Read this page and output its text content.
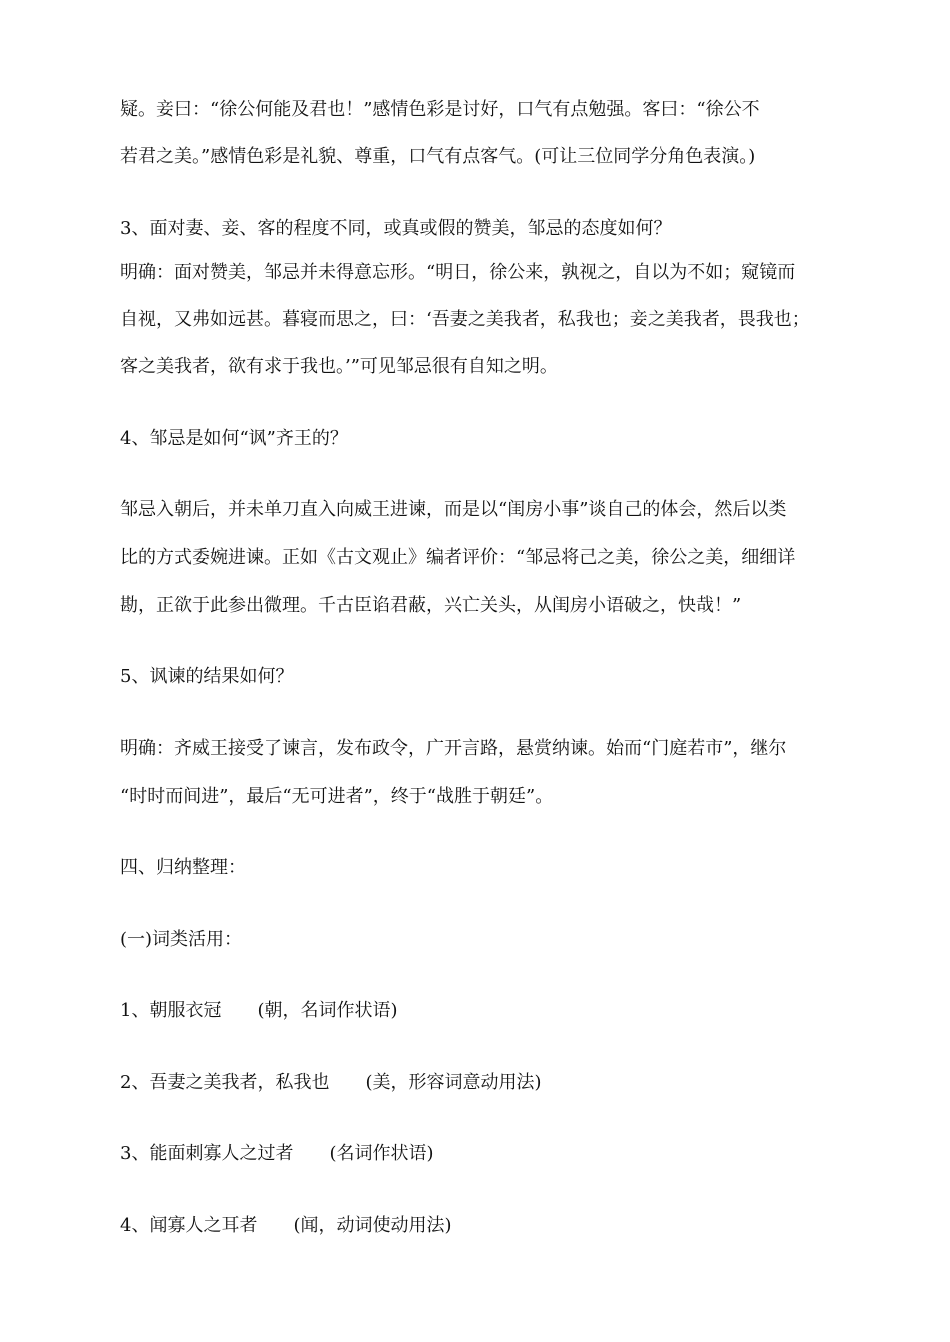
疑。妾曰：“徐公何能及君也！”感情色彩是讨好，口气有点勉强。客曰：“徐公不
若君之美。”感情色彩是礼貌、尊重，口气有点客气。(可让三位同学分角色表演。)
3、面对妻、妾、客的程度不同，或真或假的赞美，邹忌的态度如何？
明确：面对赞美，邹忌并未得意忘形。“明日，徐公来，孰视之，自以为不如；窥镜而
自视，又弗如远甚。暮寝而思之，曰：‘吾妻之美我者，私我也；妾之美我者，畏我也；
客之美我者，欲有求于我也。’”可见邹忌很有自知之明。
4、邹忌是如何“讽”齐王的？
邹忌入朝后，并未单刀直入向威王进谏，而是以“闺房小事”谈自己的体会，然后以类
比的方式委婉进谏。正如《古文观止》编者评价：“邹忌将己之美，徐公之美，细细详
勘，正欲于此参出微理。千古臣谄君蔽，兴亡关头，从闺房小语破之，快哉！”
5、讽谏的结果如何？
明确：齐威王接受了谏言，发布政令，广开言路，悬赏纳谏。始而“门庭若市”，继尔
“时时而间进”，最后“无可进者”，终于“战胜于朝廷”。
四、归纳整理：
(一)词类活用：
1、朝服衣冠　　(朝，名词作状语)
2、吾妻之美我者，私我也　　(美，形容词意动用法)
3、能面刺寡人之过者　　(名词作状语)
4、闻寡人之耳者　　(闻，动词使动用法)
